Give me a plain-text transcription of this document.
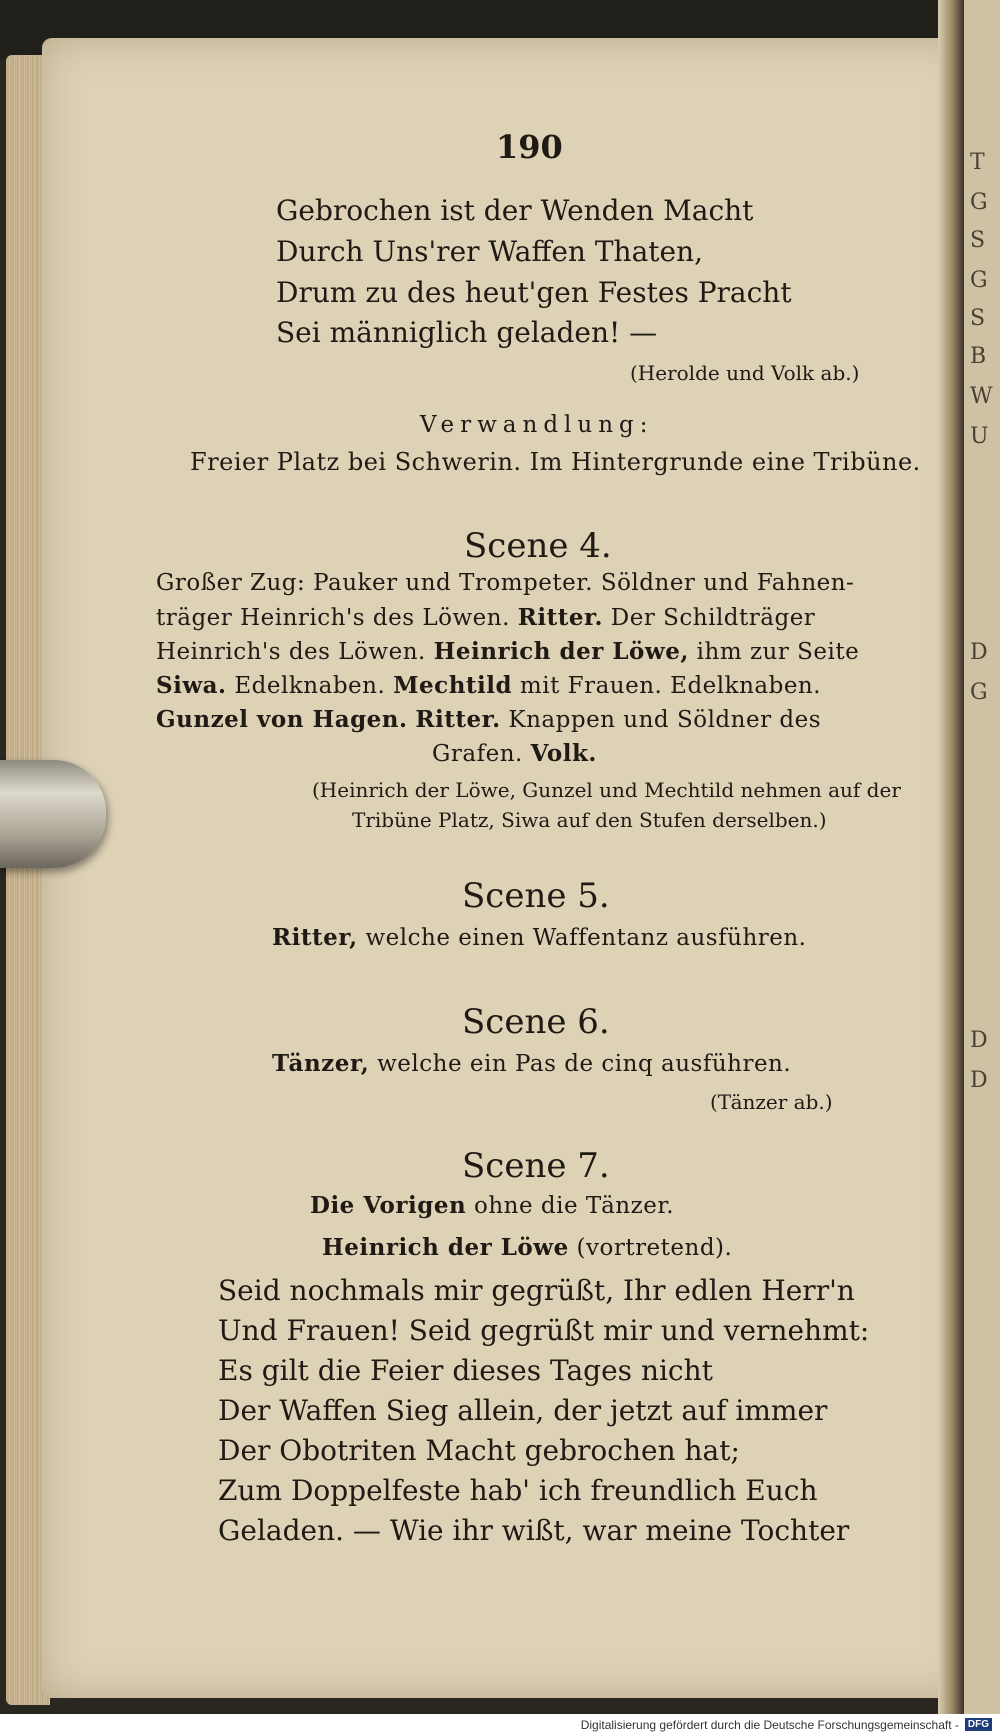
T
G
S
G
S
B
W
U
D
G
D
D
190
Gebrochen ist der Wenden Macht
Durch Uns'rer Waffen Thaten,
Drum zu des heut'gen Festes Pracht
Sei männiglich geladen! —
(Herolde und Volk ab.)
Verwandlung:
Freier Platz bei Schwerin. Im Hintergrunde eine Tribüne.
Scene 4.
Großer Zug: Pauker und Trompeter. Söldner und Fahnen-
träger Heinrich's des Löwen. Ritter. Der Schildträger
Heinrich's des Löwen. Heinrich der Löwe, ihm zur Seite
Siwa. Edelknaben. Mechtild mit Frauen. Edelknaben.
Gunzel von Hagen. Ritter. Knappen und Söldner des
Grafen. Volk.
(Heinrich der Löwe, Gunzel und Mechtild nehmen auf der
Tribüne Platz, Siwa auf den Stufen derselben.)
Scene 5.
Ritter, welche einen Waffentanz ausführen.
Scene 6.
Tänzer, welche ein Pas de cinq ausführen.
(Tänzer ab.)
Scene 7.
Die Vorigen ohne die Tänzer.
Heinrich der Löwe (vortretend).
Seid nochmals mir gegrüßt, Ihr edlen Herr'n
Und Frauen! Seid gegrüßt mir und vernehmt:
Es gilt die Feier dieses Tages nicht
Der Waffen Sieg allein, der jetzt auf immer
Der Obotriten Macht gebrochen hat;
Zum Doppelfeste hab' ich freundlich Euch
Geladen. — Wie ihr wißt, war meine Tochter
Digitalisierung gefördert durch die Deutsche Forschungsgemeinschaft - DFG
